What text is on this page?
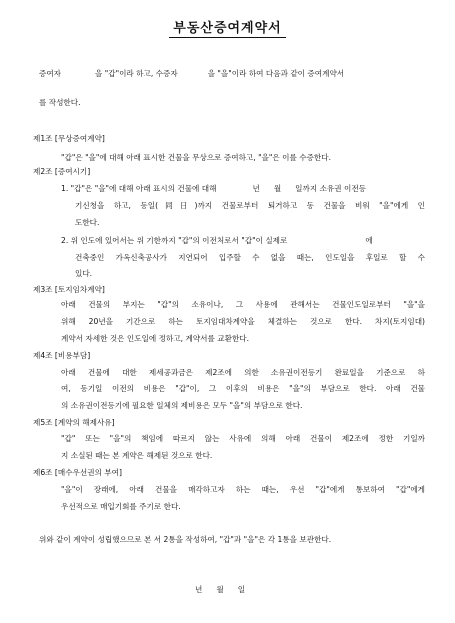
부동산증여계약서
증여자	을 "갑"이라 하고, 수증자	을 "을"이라 하여 다음과 같이 증여계약서
를 작성한다.
제1조 [무상증여계약]
"갑"은 "을"에 대해 아래 표시한 건물을 무상으로 증여하고, "을"은 이를 수증한다.
제2조 [증여시기]
1. "갑"은 "을"에 대해 아래 표시의 건물에 대해	년 월 일까지 소유권 이전등
기신청을 하고, 동일(同日)까지 건물로부터 퇴거하고 동 건물을 비워 "을"에게 인
도한다.
2. 위 인도에 있어서는 위 기한까지 "갑"의 이전처로서 "갑"이 실제로	에
건축중인 가옥신축공사가 지연되어 입주할 수 없을 때는, 인도일을 후일로 할 수
있다.
제3조 [토지임차계약]
아래 건물의 부지는 "갑"의 소유이나, 그 사용에 관해서는 건물인도일로부터 "을"을
위해 20년을 기간으로 하는 토지임대차계약을 체결하는 것으로 한다. 차지(토지임대)
계약서 자세한 것은 인도일에 정하고, 계약서를 교환한다.
제4조 [비용부담]
아래 건물에 대한 제세공과금은 제2조에 의한 소유권이전등기 완료일을 기준으로 하
여, 동기일 이전의 비용은 "갑"이, 그 이후의 비용은 "을"의 부담으로 한다. 아래 건물
의 소유권이전등기에 필요한 일체의 제비용은 모두 "을"의 부담으로 한다.
제5조 [계약의 해제사유]
"갑" 또는 "을"의 책임에 따르지 않는 사유에 의해 아래 건물이 제2조에 정한 기일까
지 소실된 때는 본 계약은 해제된 것으로 한다.
제6조 [매수우선권의 부여]
"을"이 장래에, 아래 건물을 매각하고자 하는 때는, 우선 "갑"에게 통보하여 "갑"에게
우선적으로 매입기회를 주기로 한다.
위와 같이 계약이 성립했으므로 본 서 2통을 작성하여, "갑"과 "을"은 각 1통을 보관한다.
년 월 일
